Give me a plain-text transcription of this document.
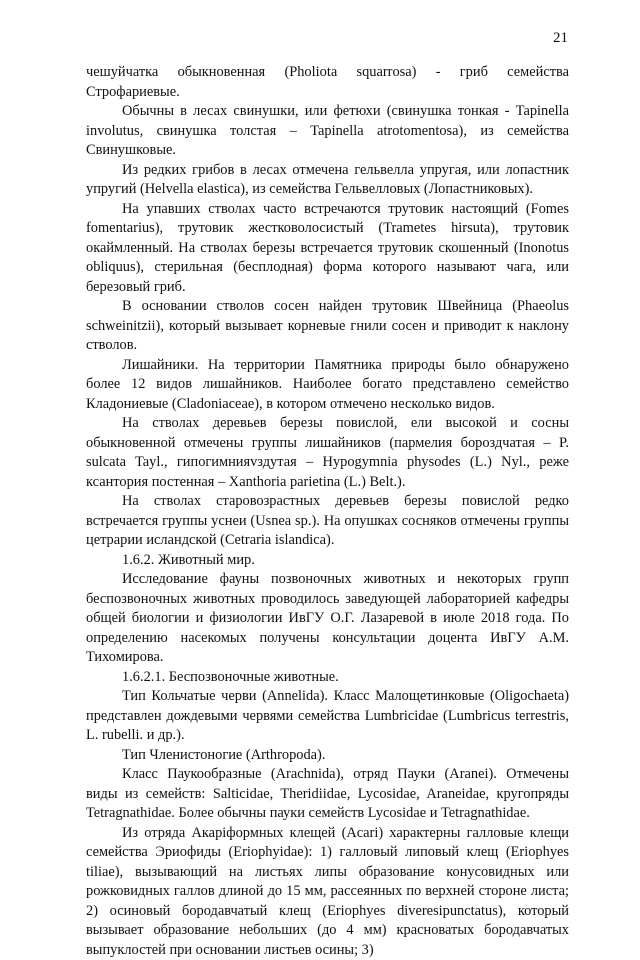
21

чешуйчатка обыкновенная (Pholiota squarrosa) - гриб семейства Строфариевые.

Обычны в лесах свинушки, или фетюхи (свинушка тонкая - Tapinella involutus, свинушка толстая – Tapinella atrotomentosa), из семейства Свинушковые.

Из редких грибов в лесах отмечена гельвелла упругая, или лопастник упругий (Helvella elastica), из семейства Гельвелловых (Лопастниковых).

На упавших стволах часто встречаются трутовик настоящий (Fomes fomentarius), трутовик жестковолосистый (Trametes hirsuta), трутовик окаймленный. На стволах березы встречается трутовик скошенный (Inonotus obliquus), стерильная (бесплодная) форма которого называют чага, или березовый гриб.

В основании стволов сосен найден трутовик Швейница (Phaeolus schweinitzii), который вызывает корневые гнили сосен и приводит к наклону стволов.

Лишайники. На территории Памятника природы было обнаружено более 12 видов лишайников. Наиболее богато представлено семейство Кладониевые (Cladoniaceae), в котором отмечено несколько видов.

На стволах деревьев березы повислой, ели высокой и сосны обыкновенной отмечены группы лишайников (пармелия бороздчатая – P. sulcata Tayl., гипогимнияvздутая – Hypogymnia physodes (L.) Nyl., реже ксантория постенная – Xanthoria parietina (L.) Belt.).

На стволах старовозрастных деревьев березы повислой редко встречается группы уснеи (Usnea sp.). На опушках сосняков отмечены группы цетрарии исландской (Cetraria islandica).

1.6.2. Животный мир.

Исследование фауны позвоночных животных и некоторых групп беспозвоночных животных проводилось заведующей лабораторией кафедры общей биологии и физиологии ИвГУ О.Г. Лазаревой в июле 2018 года. По определению насекомых получены консультации доцента ИвГУ А.М. Тихомирова.

1.6.2.1. Беспозвоночные животные.

Тип Кольчатые черви (Annelida). Класс Малощетинковые (Oligochaeta) представлен дождевыми червями семейства Lumbricidae (Lumbricus terrestris, L. rubelli. и др.).

Тип Членистоногие (Arthropoda).

Класс Паукообразные (Arachnida), отряд Пауки (Aranei). Отмечены виды из семейств: Salticidae, Theridiidae, Lycosidae, Araneidae, кругопряды Tetragnathidae. Более обычны пауки семейств Lycosidae и Tetragnathidae.

Из отряда Акарiформных клещей (Acari) характерны галловые клещи семейства Эриофиды (Eriophyidae): 1) галловый липовый клещ (Eriophyes tiliae), вызывающий на листьях липы образование конусовидных или рожковидных галлов длиной до 15 мм, рассеянных по верхней стороне листа; 2) осиновый бородавчатый клещ (Eriophyes diveresipunctatus), который вызывает образование небольших (до 4 мм) красноватых бородавчатых выпуклостей при основании листьев осины; 3)
